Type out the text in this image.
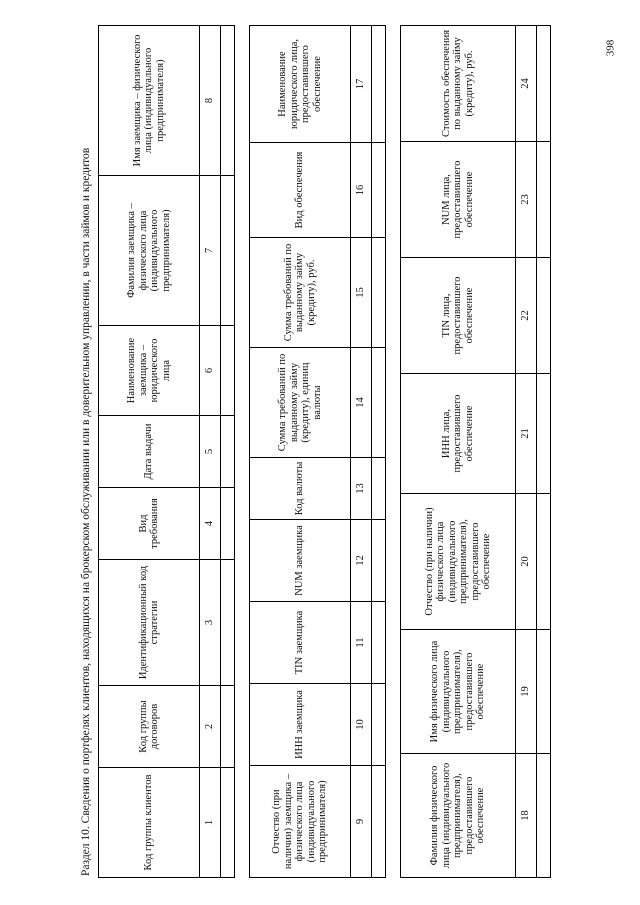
398
Раздел 10. Сведения о портфелях клиентов, находящихся на брокерском обслуживании или в доверительном управлении, в части займов и кредитов	Код группы клиентов	Код группы договоров	Идентификационный код стратегии	Вид требования	Дата выдачи	Наименование заемщика – юридического лица	Фамилия заемщика – физического лица (индивидуального предпринимателя)	Имя заемщика – физического лица (индивидуального предпринимателя)
1	2	3	4	5	6	7	8

Отчество (при наличии) заемщика – физического лица (индивидуального предпринимателя)	ИНН заемщика	TIN заемщика	NUM заемщика	Код валюты	Сумма требований по выданному займу (кредиту), единиц валюты	Сумма требований по выданному займу (кредиту), руб.	Вид обеспечения	Наименование юридического лица, предоставившего обеспечение
9	10	11	12	13	14	15	16	17

Фамилия физического лица (индивидуального предпринимателя), предоставившего обеспечение	Имя физического лица (индивидуального предпринимателя), предоставившего обеспечение	Отчество (при наличии) физического лица (индивидуального предпринимателя), предоставившего обеспечение	ИНН лица, предоставившего обеспечение	TIN лица, предоставившего обеспечение	NUM лица, предоставившего обеспечение	Стоимость обеспечения по выданному займу (кредиту), руб.
18	19	20	21	22	23	24
